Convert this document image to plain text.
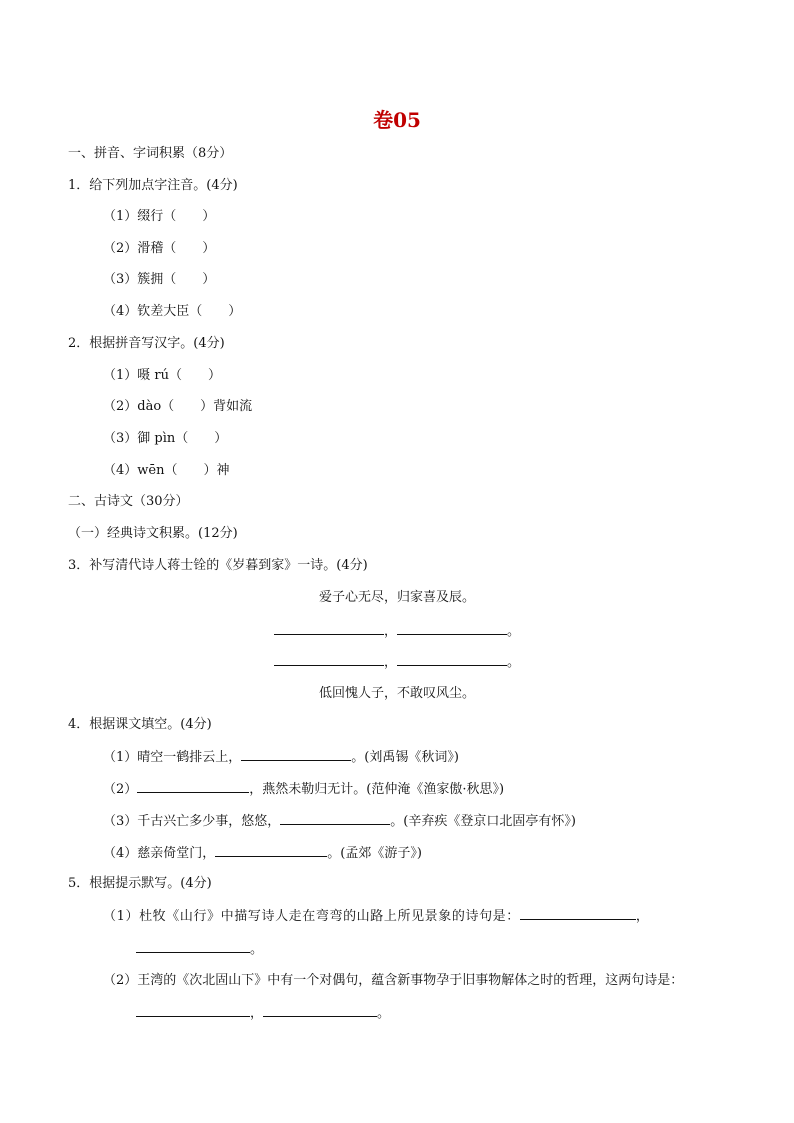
卷05
一、拼音、字词积累（8分）
1．给下列加点字注音。(4分)
（1）缀行（　　）
（2）滑稽（　　）
（3）簇拥（　　）
（4）钦差大臣（　　）
2．根据拼音写汉字。(4分)
（1）嗫 rú（　　）
（2）dào（　　）背如流
（3）御 pìn（　　）
（4）wēn（　　）神
二、古诗文（30分）
（一）经典诗文积累。(12分)
3．补写清代诗人蒋士铨的《岁暮到家》一诗。(4分)
爱子心无尽，归家喜及辰。
，	。
，	。
低回愧人子，不敢叹风尘。
4．根据课文填空。(4分)
（1）晴空一鹤排云上，	。(刘禹锡《秋词》)
（2）	，燕然未勒归无计。(范仲淹《渔家傲·秋思》)
（3）千古兴亡多少事，悠悠，	。(辛弃疾《登京口北固亭有怀》)
（4）慈亲倚堂门，	。(孟郊《游子》)
5．根据提示默写。(4分)
（1）杜牧《山行》中描写诗人走在弯弯的山路上所见景象的诗句是：	，
。
（2）王湾的《次北固山下》中有一个对偶句，蕴含新事物孕于旧事物解体之时的哲理，这两句诗是：
，	。
